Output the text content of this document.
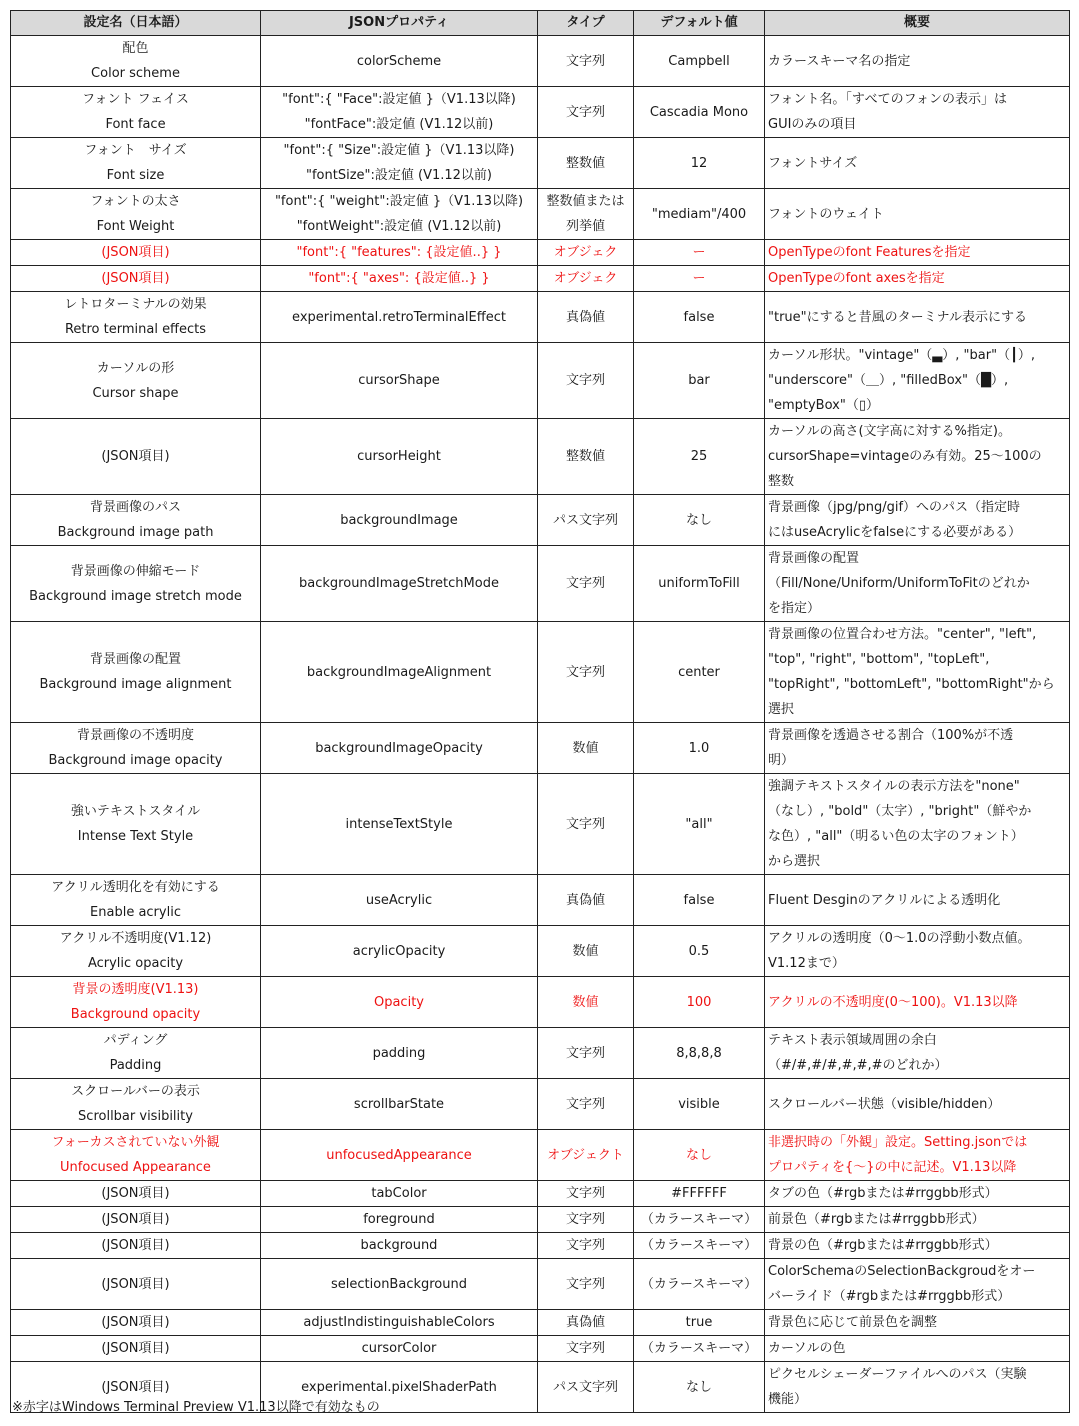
設定名（日本語）	JSONプロパティ	タイプ	デフォルト値	概要

配色
Color scheme	colorScheme	文字列	Campbell	カラースキーマ名の指定

フォント フェイス
Font face	"font":{ "Face":設定値 }（V1.13以降)
"fontFace":設定値 (V1.12以前)	文字列	Cascadia Mono	フォント名。「すべてのフォンの表示」は
GUIのみの項目

フォント　サイズ
Font size	"font":{ "Size":設定値 }（V1.13以降)
"fontSize":設定値 (V1.12以前)	整数値	12	フォントサイズ

フォントの太さ
Font Weight	"font":{ "weight":設定値 }（V1.13以降)
"fontWeight":設定値 (V1.12以前)	整数値または
列挙値	"mediam"/400	フォントのウェイト

(JSON項目)	"font":{ "features": {設定値..} }	オブジェク	ー	OpenTypeのfont Featuresを指定

(JSON項目)	"font":{ "axes": {設定値..} }	オブジェク	ー	OpenTypeのfont axesを指定

レトロターミナルの効果
Retro terminal effects	experimental.retroTerminalEffect	真偽値	false	"true"にすると昔風のターミナル表示にする

カーソルの形
Cursor shape	cursorShape	文字列	bar	カーソル形状。"vintage"（▃）, "bar"（┃）,
"underscore"（＿）, "filledBox"（█）,
"emptyBox"（▯）

(JSON項目)	cursorHeight	整数値	25	カーソルの高さ(文字高に対する%指定)。
cursorShape=vintageのみ有効。25〜100の
整数

背景画像のパス
Background image path	backgroundImage	パス文字列	なし	背景画像（jpg/png/gif）へのパス（指定時
にはuseAcrylicをfalseにする必要がある）

背景画像の伸縮モード
Background image stretch mode	backgroundImageStretchMode	文字列	uniformToFill	背景画像の配置
（Fill/None/Uniform/UniformToFitのどれか
を指定）

背景画像の配置
Background image alignment	backgroundImageAlignment	文字列	center	背景画像の位置合わせ方法。"center", "left",
"top", "right", "bottom", "topLeft",
"topRight", "bottomLeft", "bottomRight"から
選択

背景画像の不透明度
Background image opacity	backgroundImageOpacity	数値	1.0	背景画像を透過させる割合（100%が不透
明）

強いテキストスタイル
Intense Text Style	intenseTextStyle	文字列	"all"	強調テキストスタイルの表示方法を"none"
（なし）, "bold"（太字）, "bright"（鮮やか
な色）, "all"（明るい色の太字のフォント）
から選択

アクリル透明化を有効にする
Enable acrylic	useAcrylic	真偽値	false	Fluent Desginのアクリルによる透明化

アクリル不透明度(V1.12)
Acrylic opacity	acrylicOpacity	数値	0.5	アクリルの透明度（0〜1.0の浮動小数点値。
V1.12まで）

背景の透明度(V1.13)
Background opacity	Opacity	数値	100	アクリルの不透明度(0〜100)。V1.13以降

パディング
Padding	padding	文字列	8,8,8,8	テキスト表示領域周囲の余白
（#/#,#/#,#,#,#のどれか）

スクロールバーの表示
Scrollbar visibility	scrollbarState	文字列	visible	スクロールバー状態（visible/hidden）

フォーカスされていない外観
Unfocused Appearance	unfocusedAppearance	オブジェクト	なし	非選択時の「外観」設定。Setting.jsonでは
プロパティを{〜}の中に記述。V1.13以降

(JSON項目)	tabColor	文字列	#FFFFFF	タブの色（#rgbまたは#rrggbb形式）

(JSON項目)	foreground	文字列	（カラースキーマ）	前景色（#rgbまたは#rrggbb形式）

(JSON項目)	background	文字列	（カラースキーマ）	背景の色（#rgbまたは#rrggbb形式）

(JSON項目)	selectionBackground	文字列	（カラースキーマ）	ColorSchemaのSelectionBackgroudをオー
バーライド（#rgbまたは#rrggbb形式）

(JSON項目)	adjustIndistinguishableColors	真偽値	true	背景色に応じて前景色を調整

(JSON項目)	cursorColor	文字列	（カラースキーマ）	カーソルの色

(JSON項目)	experimental.pixelShaderPath	パス文字列	なし	ピクセルシェーダーファイルへのパス（実験
機能）
※赤字はWindows Terminal Preview V1.13以降で有効なもの
